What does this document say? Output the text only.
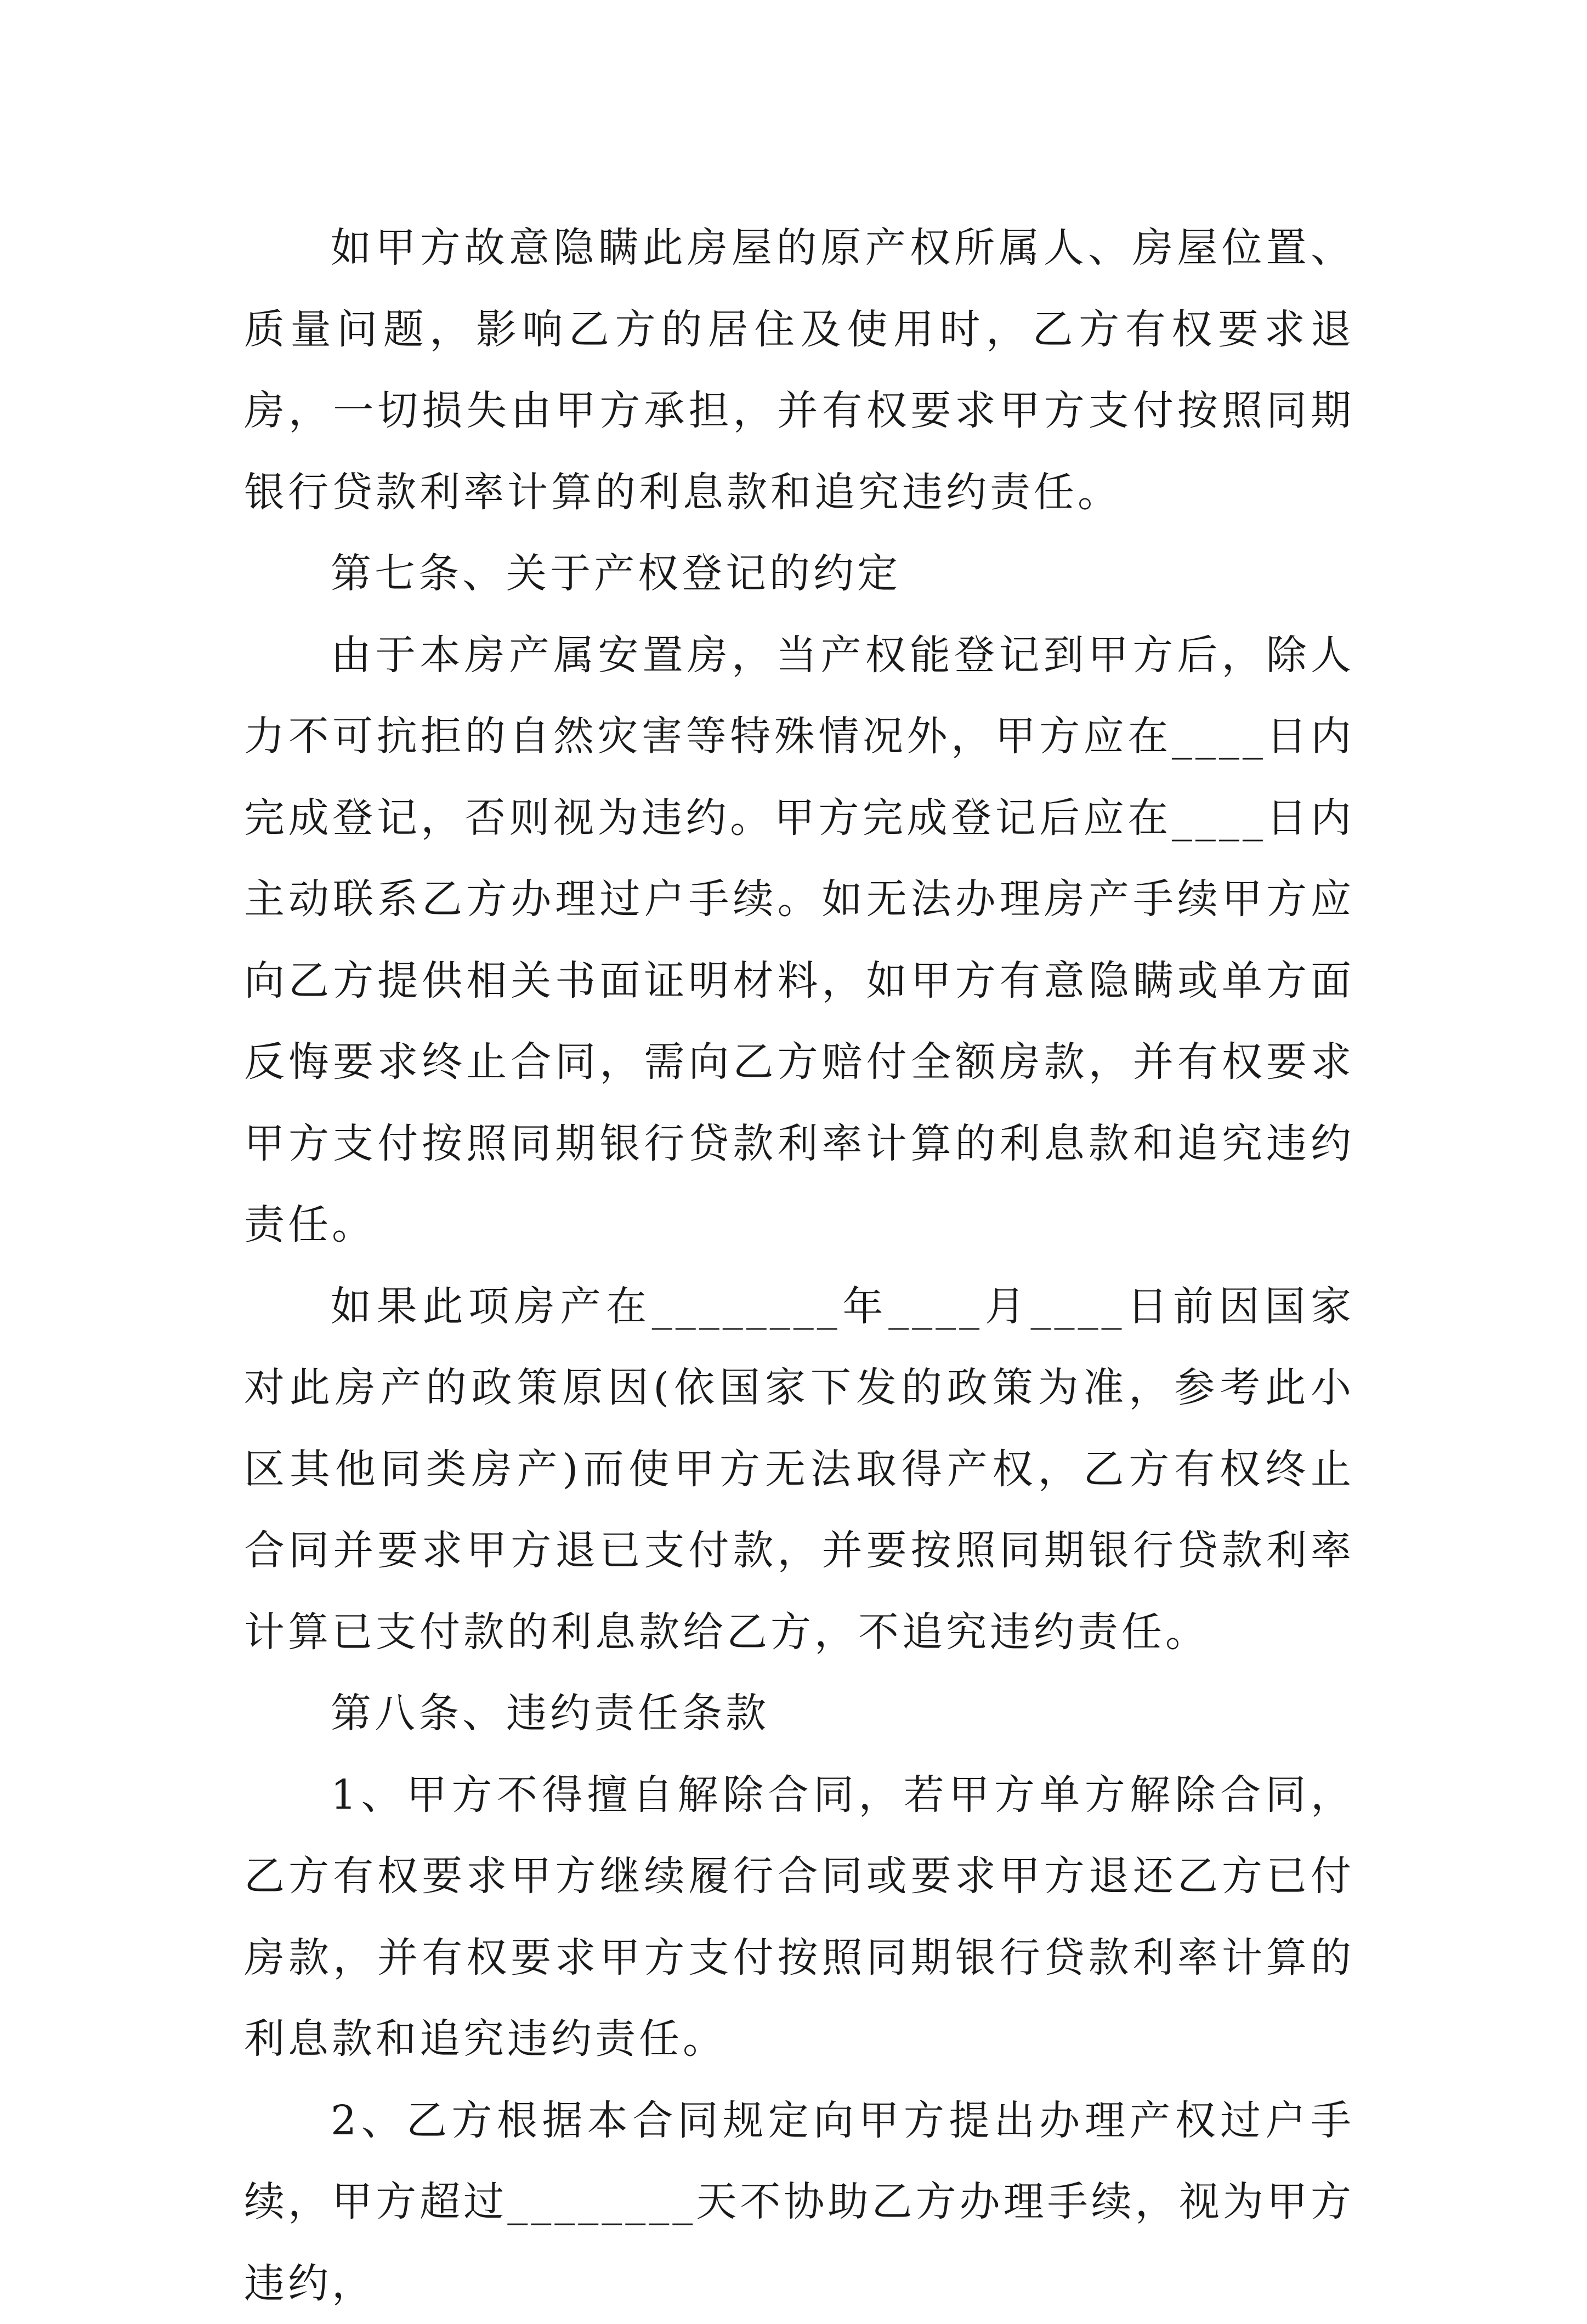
如甲方故意隐瞒此房屋的原产权所属人、房屋位置、质量问题，影响乙方的居住及使用时，乙方有权要求退房，一切损失由甲方承担，并有权要求甲方支付按照同期银行贷款利率计算的利息款和追究违约责任。

第七条、关于产权登记的约定

由于本房产属安置房，当产权能登记到甲方后，除人力不可抗拒的自然灾害等特殊情况外，甲方应在____日内完成登记，否则视为违约。甲方完成登记后应在____日内主动联系乙方办理过户手续。如无法办理房产手续甲方应向乙方提供相关书面证明材料，如甲方有意隐瞒或单方面反悔要求终止合同，需向乙方赔付全额房款，并有权要求甲方支付按照同期银行贷款利率计算的利息款和追究违约责任。

如果此项房产在________年____月____日前因国家对此房产的政策原因(依国家下发的政策为准，参考此小区其他同类房产)而使甲方无法取得产权，乙方有权终止合同并要求甲方退已支付款，并要按照同期银行贷款利率计算已支付款的利息款给乙方，不追究违约责任。

第八条、违约责任条款

1、甲方不得擅自解除合同，若甲方单方解除合同，乙方有权要求甲方继续履行合同或要求甲方退还乙方已付房款，并有权要求甲方支付按照同期银行贷款利率计算的利息款和追究违约责任。

2、乙方根据本合同规定向甲方提出办理产权过户手续，甲方超过________天不协助乙方办理手续，视为甲方违约，
